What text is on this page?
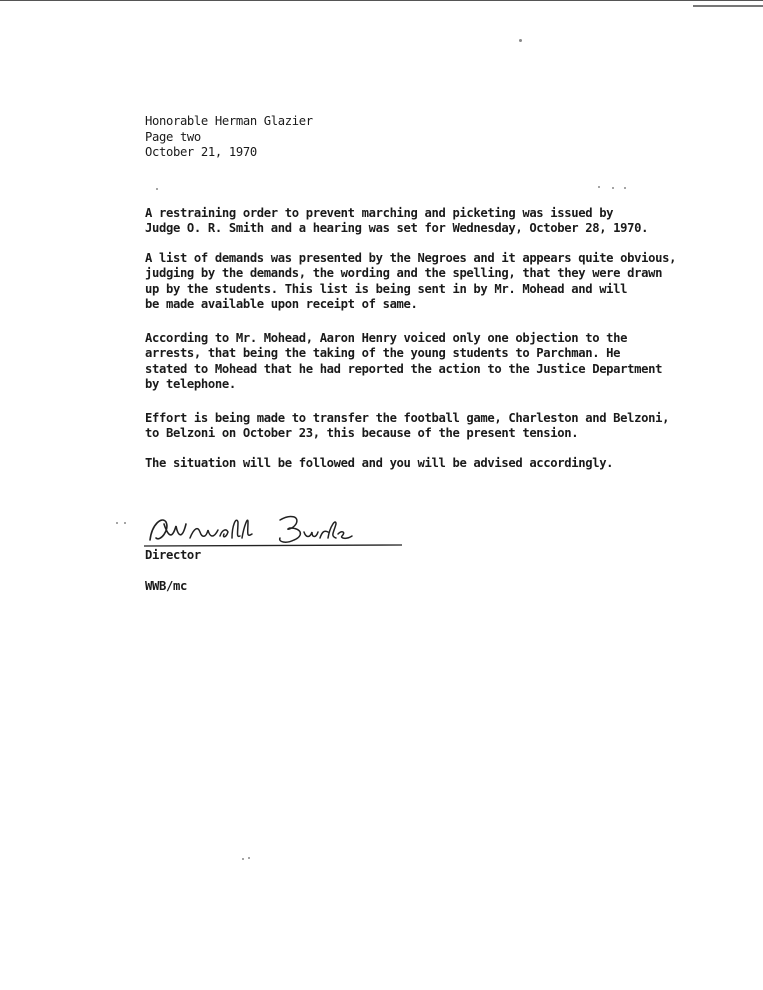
Honorable Herman Glazier
Page two
October 21, 1970

A restraining order to prevent marching and picketing was issued by
Judge O. R. Smith and a hearing was set for Wednesday, October 28, 1970.

A list of demands was presented by the Negroes and it appears quite obvious,
judging by the demands, the wording and the spelling, that they were drawn
up by the students. This list is being sent in by Mr. Mohead and will
be made available upon receipt of same.

According to Mr. Mohead, Aaron Henry voiced only one objection to the
arrests, that being the taking of the young students to Parchman. He
stated to Mohead that he had reported the action to the Justice Department
by telephone.

Effort is being made to transfer the football game, Charleston and Belzoni,
to Belzoni on October 23, this because of the present tension.

The situation will be followed and you will be advised accordingly.

Director
WWB/mc
